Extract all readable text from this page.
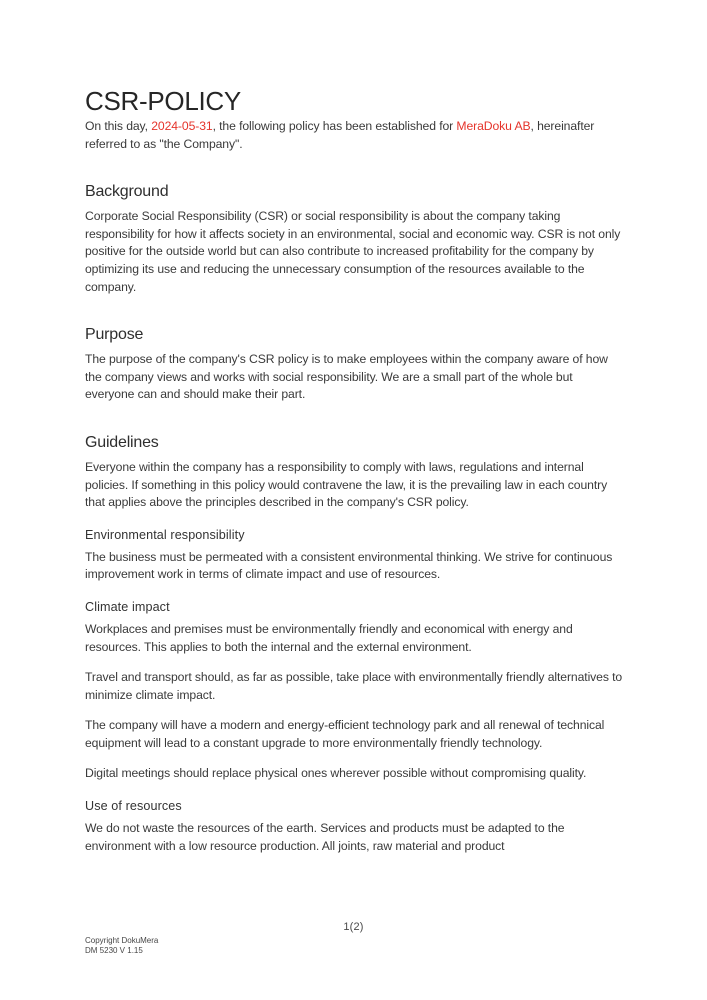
CSR-POLICY

On this day, 2024-05-31, the following policy has been established for MeraDoku AB, hereinafter referred to as "the Company".

Background

Corporate Social Responsibility (CSR) or social responsibility is about the company taking responsibility for how it affects society in an environmental, social and economic way. CSR is not only positive for the outside world but can also contribute to increased profitability for the company by optimizing its use and reducing the unnecessary consumption of the resources available to the company.

Purpose

The purpose of the company's CSR policy is to make employees within the company aware of how the company views and works with social responsibility. We are a small part of the whole but everyone can and should make their part.

Guidelines

Everyone within the company has a responsibility to comply with laws, regulations and internal policies. If something in this policy would contravene the law, it is the prevailing law in each country that applies above the principles described in the company's CSR policy.

Environmental responsibility

The business must be permeated with a consistent environmental thinking. We strive for continuous improvement work in terms of climate impact and use of resources.

Climate impact

Workplaces and premises must be environmentally friendly and economical with energy and resources. This applies to both the internal and the external environment.

Travel and transport should, as far as possible, take place with environmentally friendly alternatives to minimize climate impact.

The company will have a modern and energy-efficient technology park and all renewal of technical equipment will lead to a constant upgrade to more environmentally friendly technology.

Digital meetings should replace physical ones wherever possible without compromising quality.

Use of resources

We do not waste the resources of the earth. Services and products must be adapted to the environment with a low resource production. All joints, raw material and product

1(2)
Copyright DokuMera
DM 5230 V 1.15
